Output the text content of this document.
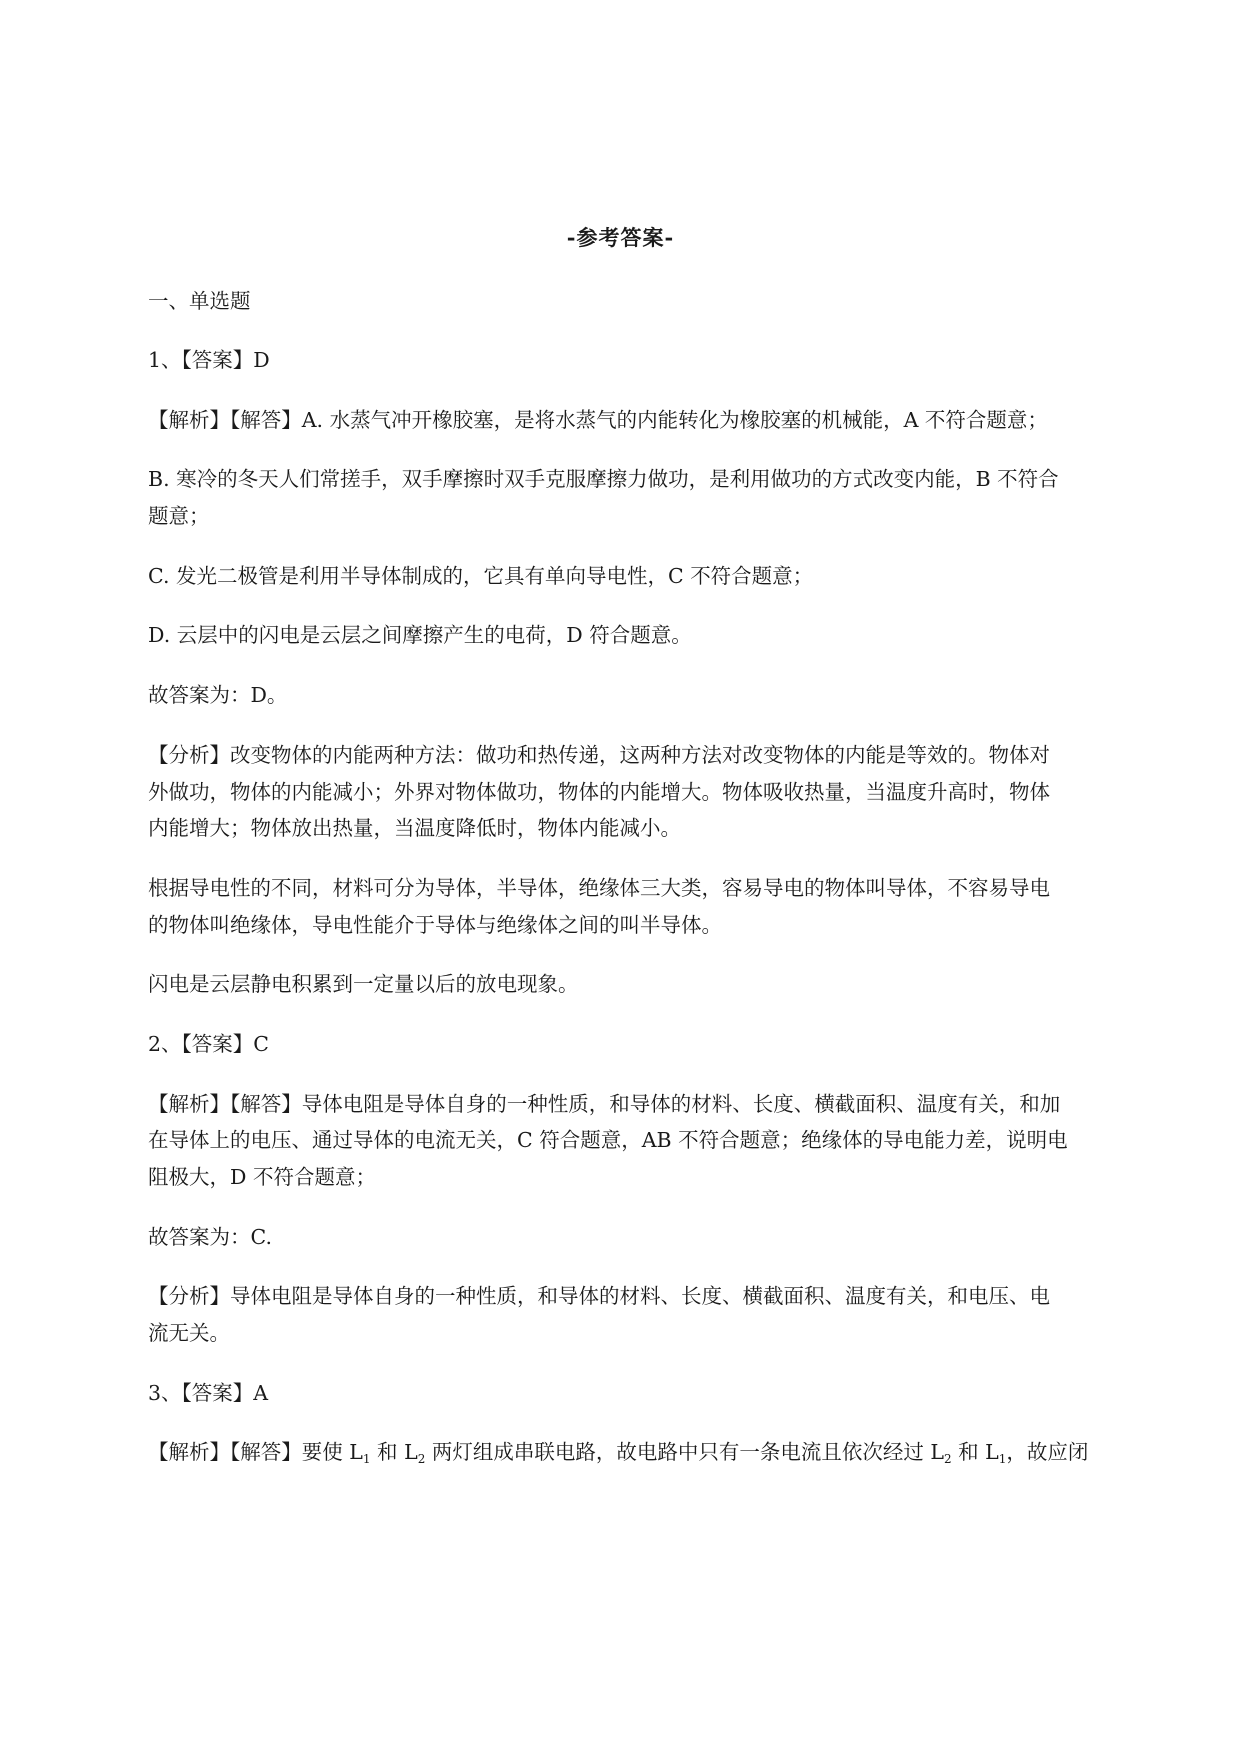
-参考答案-
一、单选题
1、【答案】D
【解析】【解答】A. 水蒸气冲开橡胶塞，是将水蒸气的内能转化为橡胶塞的机械能，A 不符合题意；
B. 寒冷的冬天人们常搓手，双手摩擦时双手克服摩擦力做功，是利用做功的方式改变内能，B 不符合
题意；
C. 发光二极管是利用半导体制成的，它具有单向导电性，C 不符合题意；
D. 云层中的闪电是云层之间摩擦产生的电荷，D 符合题意。
故答案为：D。
【分析】改变物体的内能两种方法：做功和热传递，这两种方法对改变物体的内能是等效的。物体对
外做功，物体的内能减小；外界对物体做功，物体的内能增大。物体吸收热量，当温度升高时，物体
内能增大；物体放出热量，当温度降低时，物体内能减小。
根据导电性的不同，材料可分为导体，半导体，绝缘体三大类，容易导电的物体叫导体，不容易导电
的物体叫绝缘体，导电性能介于导体与绝缘体之间的叫半导体。
闪电是云层静电积累到一定量以后的放电现象。
2、【答案】C
【解析】【解答】导体电阻是导体自身的一种性质，和导体的材料、长度、横截面积、温度有关，和加
在导体上的电压、通过导体的电流无关，C 符合题意，AB 不符合题意；绝缘体的导电能力差，说明电
阻极大，D 不符合题意；
故答案为：C.
【分析】导体电阻是导体自身的一种性质，和导体的材料、长度、横截面积、温度有关，和电压、电
流无关。
3、【答案】A
【解析】【解答】要使 $L_1$ 和 $L_2$ 两灯组成串联电路，故电路中只有一条电流且依次经过 $L_2$ 和 $L_1$，故应闭
